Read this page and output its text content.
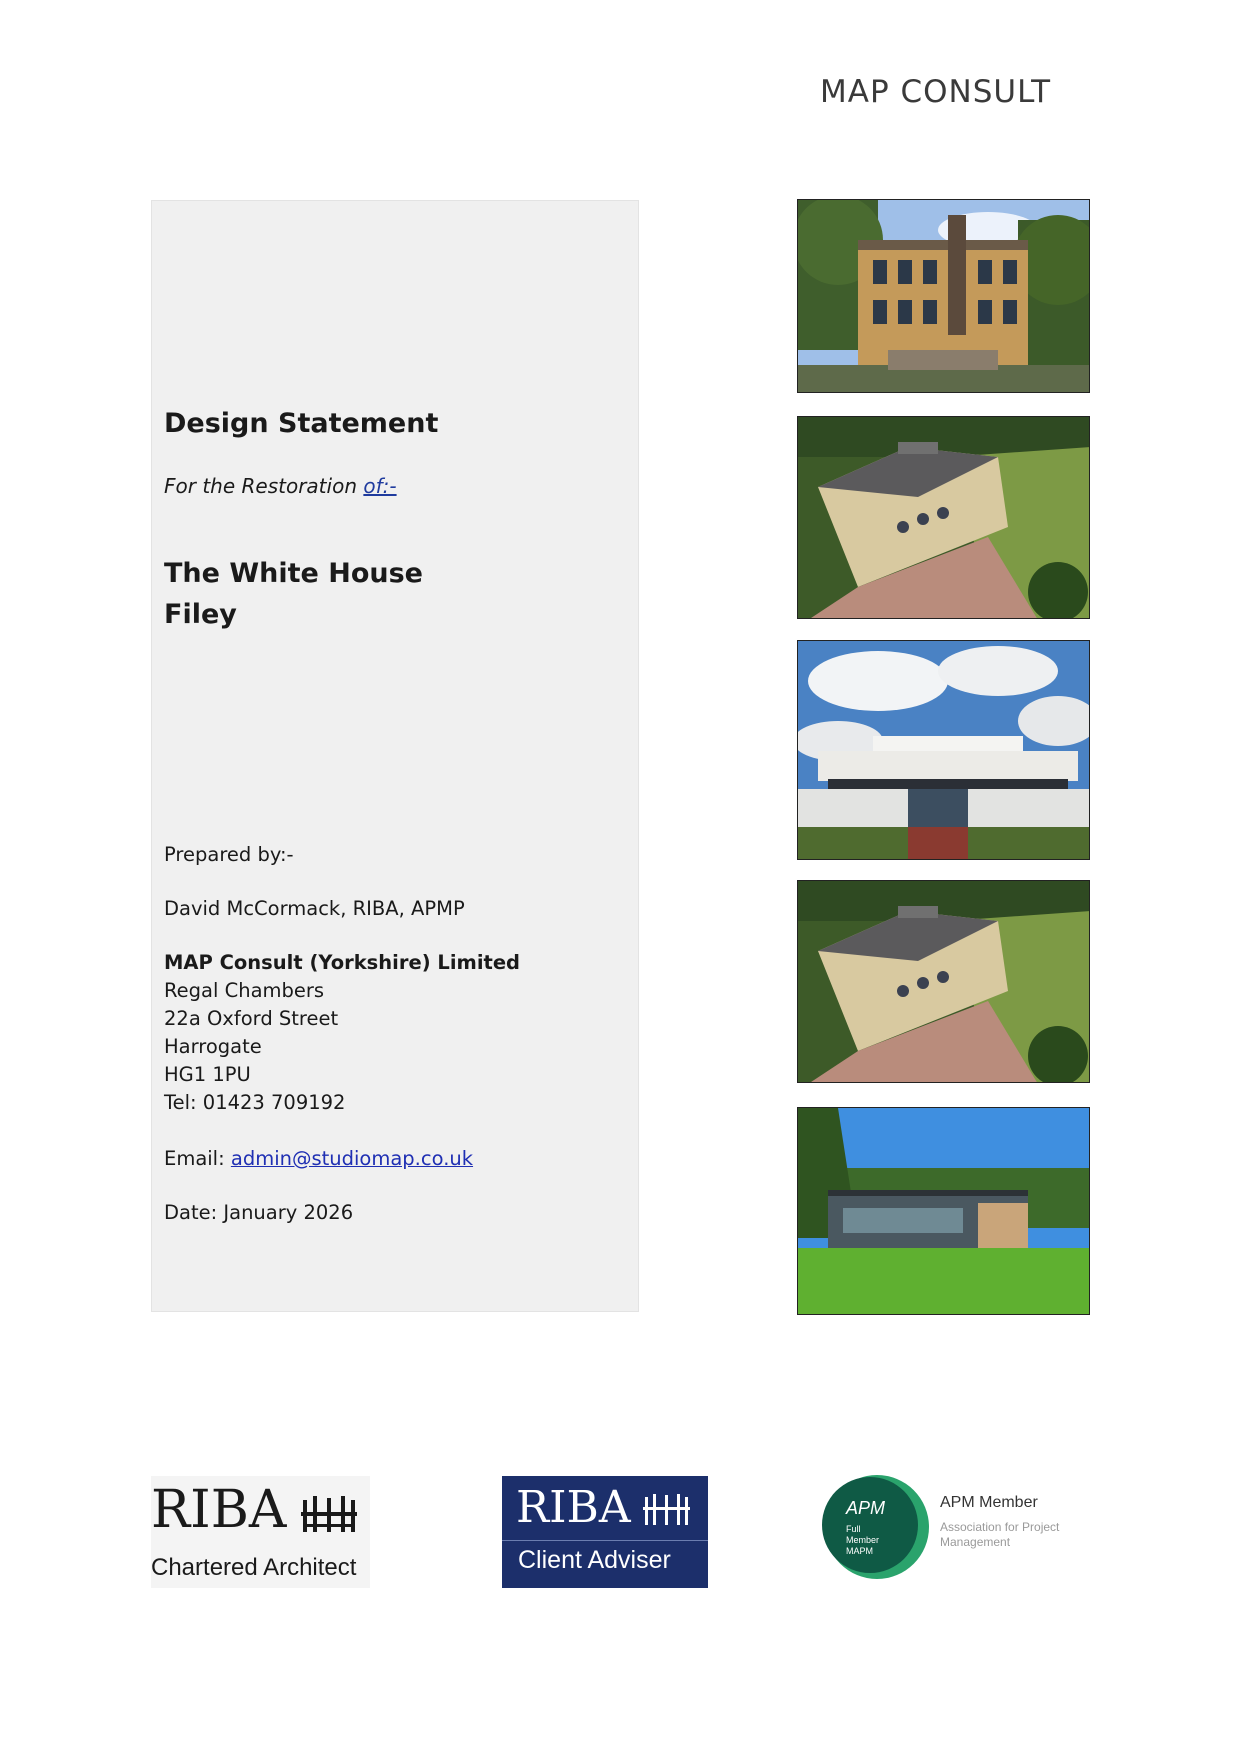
MAP CONSULT
Design Statement
For the Restoration of:-
The White House
Filey
Prepared by:-
David McCormack, RIBA, APMP
MAP Consult (Yorkshire) Limited
Regal Chambers
22a Oxford Street
Harrogate
HG1 1PU
Tel: 01423 709192
Email: admin@studiomap.co.uk
Date: January 2026
RIBA
Chartered Architect
RIBA
Client Adviser
APM
Full Member MAPM
APM Member
Association for Project Management
